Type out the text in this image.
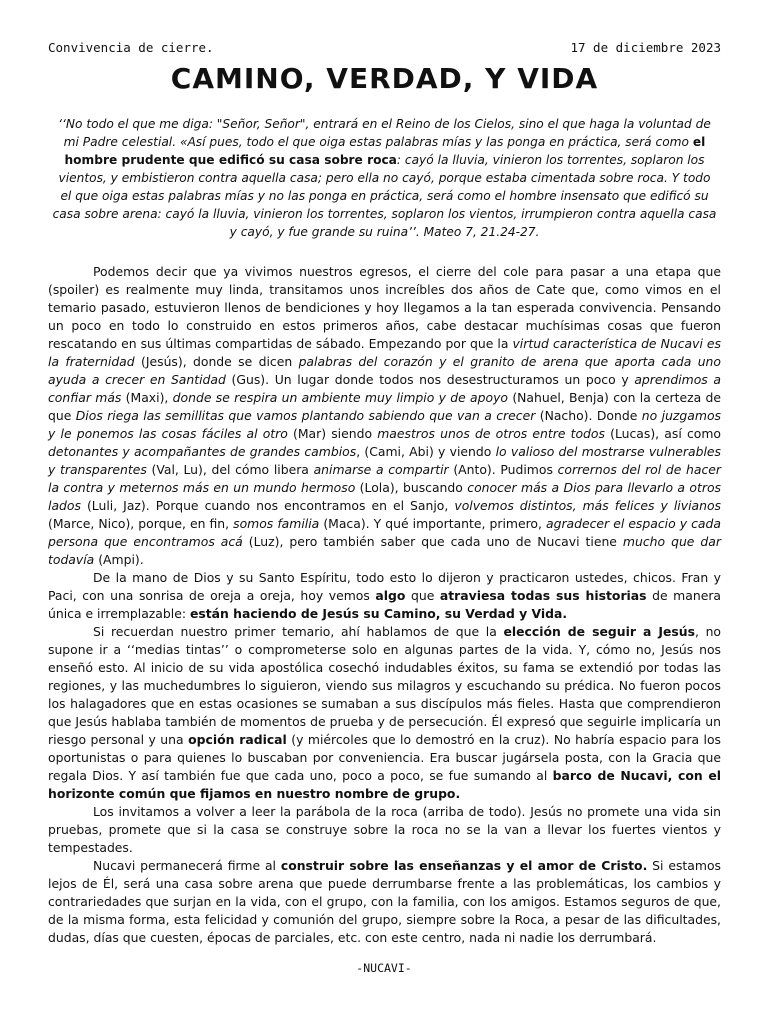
Convivencia de cierre.	17 de diciembre 2023
CAMINO, VERDAD, Y VIDA
‘‘No todo el que me diga: "Señor, Señor", entrará en el Reino de los Cielos, sino el que haga la voluntad de mi Padre celestial. «Así pues, todo el que oiga estas palabras mías y las ponga en práctica, será como el hombre prudente que edificó su casa sobre roca: cayó la lluvia, vinieron los torrentes, soplaron los vientos, y embistieron contra aquella casa; pero ella no cayó, porque estaba cimentada sobre roca. Y todo el que oiga estas palabras mías y no las ponga en práctica, será como el hombre insensato que edificó su casa sobre arena: cayó la lluvia, vinieron los torrentes, soplaron los vientos, irrumpieron contra aquella casa y cayó, y fue grande su ruina’’. Mateo 7, 21.24-27.

Podemos decir que ya vivimos nuestros egresos, el cierre del cole para pasar a una etapa que (spoiler) es realmente muy linda, transitamos unos increíbles dos años de Cate que, como vimos en el temario pasado, estuvieron llenos de bendiciones y hoy llegamos a la tan esperada convivencia. Pensando un poco en todo lo construido en estos primeros años, cabe destacar muchísimas cosas que fueron rescatando en sus últimas compartidas de sábado. Empezando por que la virtud característica de Nucavi es la fraternidad (Jesús), donde se dicen palabras del corazón y el granito de arena que aporta cada uno ayuda a crecer en Santidad (Gus). Un lugar donde todos nos desestructuramos un poco y aprendimos a confiar más (Maxi), donde se respira un ambiente muy limpio y de apoyo (Nahuel, Benja) con la certeza de que Dios riega las semillitas que vamos plantando sabiendo que van a crecer (Nacho). Donde no juzgamos y le ponemos las cosas fáciles al otro (Mar) siendo maestros unos de otros entre todos (Lucas), así como detonantes y acompañantes de grandes cambios, (Cami, Abi) y viendo lo valioso del mostrarse vulnerables y transparentes (Val, Lu), del cómo libera animarse a compartir (Anto). Pudimos corrernos del rol de hacer la contra y meternos más en un mundo hermoso (Lola), buscando conocer más a Dios para llevarlo a otros lados (Luli, Jaz). Porque cuando nos encontramos en el Sanjo, volvemos distintos, más felices y livianos (Marce, Nico), porque, en fin, somos familia (Maca). Y qué importante, primero, agradecer el espacio y cada persona que encontramos acá (Luz), pero también saber que cada uno de Nucavi tiene mucho que dar todavía (Ampi).

De la mano de Dios y su Santo Espíritu, todo esto lo dijeron y practicaron ustedes, chicos. Fran y Paci, con una sonrisa de oreja a oreja, hoy vemos algo que atraviesa todas sus historias de manera única e irremplazable: están haciendo de Jesús su Camino, su Verdad y Vida.

Si recuerdan nuestro primer temario, ahí hablamos de que la elección de seguir a Jesús, no supone ir a ‘‘medias tintas’’ o comprometerse solo en algunas partes de la vida. Y, cómo no, Jesús nos enseñó esto. Al inicio de su vida apostólica cosechó indudables éxitos, su fama se extendió por todas las regiones, y las muchedumbres lo siguieron, viendo sus milagros y escuchando su prédica. No fueron pocos los halagadores que en estas ocasiones se sumaban a sus discípulos más fieles. Hasta que comprendieron que Jesús hablaba también de momentos de prueba y de persecución. Él expresó que seguirle implicaría un riesgo personal y una opción radical (y miércoles que lo demostró en la cruz). No habría espacio para los oportunistas o para quienes lo buscaban por conveniencia. Era buscar jugársela posta, con la Gracia que regala Dios. Y así también fue que cada uno, poco a poco, se fue sumando al barco de Nucavi, con el horizonte común que fijamos en nuestro nombre de grupo.

Los invitamos a volver a leer la parábola de la roca (arriba de todo). Jesús no promete una vida sin pruebas, promete que si la casa se construye sobre la roca no se la van a llevar los fuertes vientos y tempestades.

Nucavi permanecerá firme al construir sobre las enseñanzas y el amor de Cristo. Si estamos lejos de Él, será una casa sobre arena que puede derrumbarse frente a las problemáticas, los cambios y contrariedades que surjan en la vida, con el grupo, con la familia, con los amigos. Estamos seguros de que, de la misma forma, esta felicidad y comunión del grupo, siempre sobre la Roca, a pesar de las dificultades, dudas, días que cuesten, épocas de parciales, etc. con este centro, nada ni nadie los derrumbará.

-NUCAVI-
